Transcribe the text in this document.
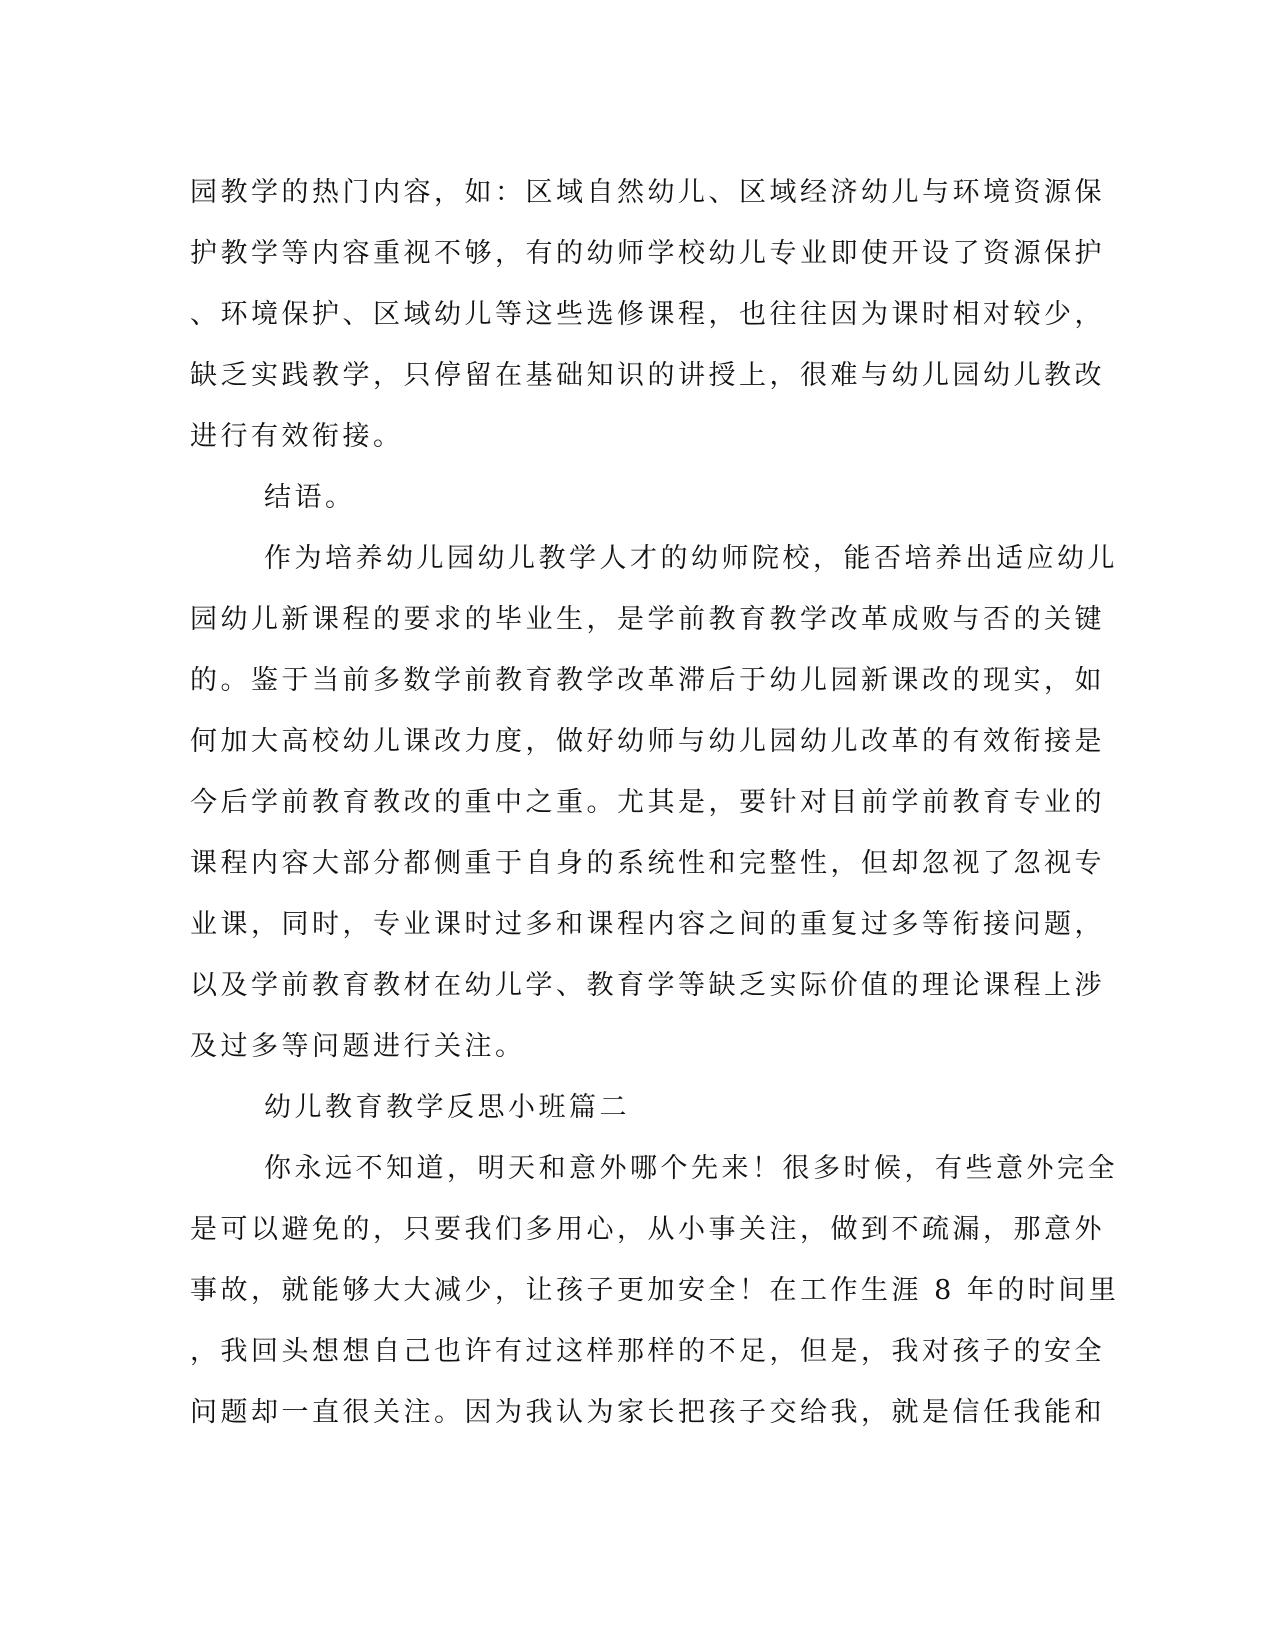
园教学的热门内容，如：区域自然幼儿、区域经济幼儿与环境资源保
护教学等内容重视不够，有的幼师学校幼儿专业即使开设了资源保护
、环境保护、区域幼儿等这些选修课程，也往往因为课时相对较少，
缺乏实践教学，只停留在基础知识的讲授上，很难与幼儿园幼儿教改
进行有效衔接。
结语。
作为培养幼儿园幼儿教学人才的幼师院校，能否培养出适应幼儿
园幼儿新课程的要求的毕业生，是学前教育教学改革成败与否的关键
的。鉴于当前多数学前教育教学改革滞后于幼儿园新课改的现实，如
何加大高校幼儿课改力度，做好幼师与幼儿园幼儿改革的有效衔接是
今后学前教育教改的重中之重。尤其是，要针对目前学前教育专业的
课程内容大部分都侧重于自身的系统性和完整性，但却忽视了忽视专
业课，同时，专业课时过多和课程内容之间的重复过多等衔接问题，
以及学前教育教材在幼儿学、教育学等缺乏实际价值的理论课程上涉
及过多等问题进行关注。
幼儿教育教学反思小班篇二
你永远不知道，明天和意外哪个先来！很多时候，有些意外完全
是可以避免的，只要我们多用心，从小事关注，做到不疏漏，那意外
事故，就能够大大减少，让孩子更加安全！在工作生涯 8 年的时间里
，我回头想想自己也许有过这样那样的不足，但是，我对孩子的安全
问题却一直很关注。因为我认为家长把孩子交给我，就是信任我能和
